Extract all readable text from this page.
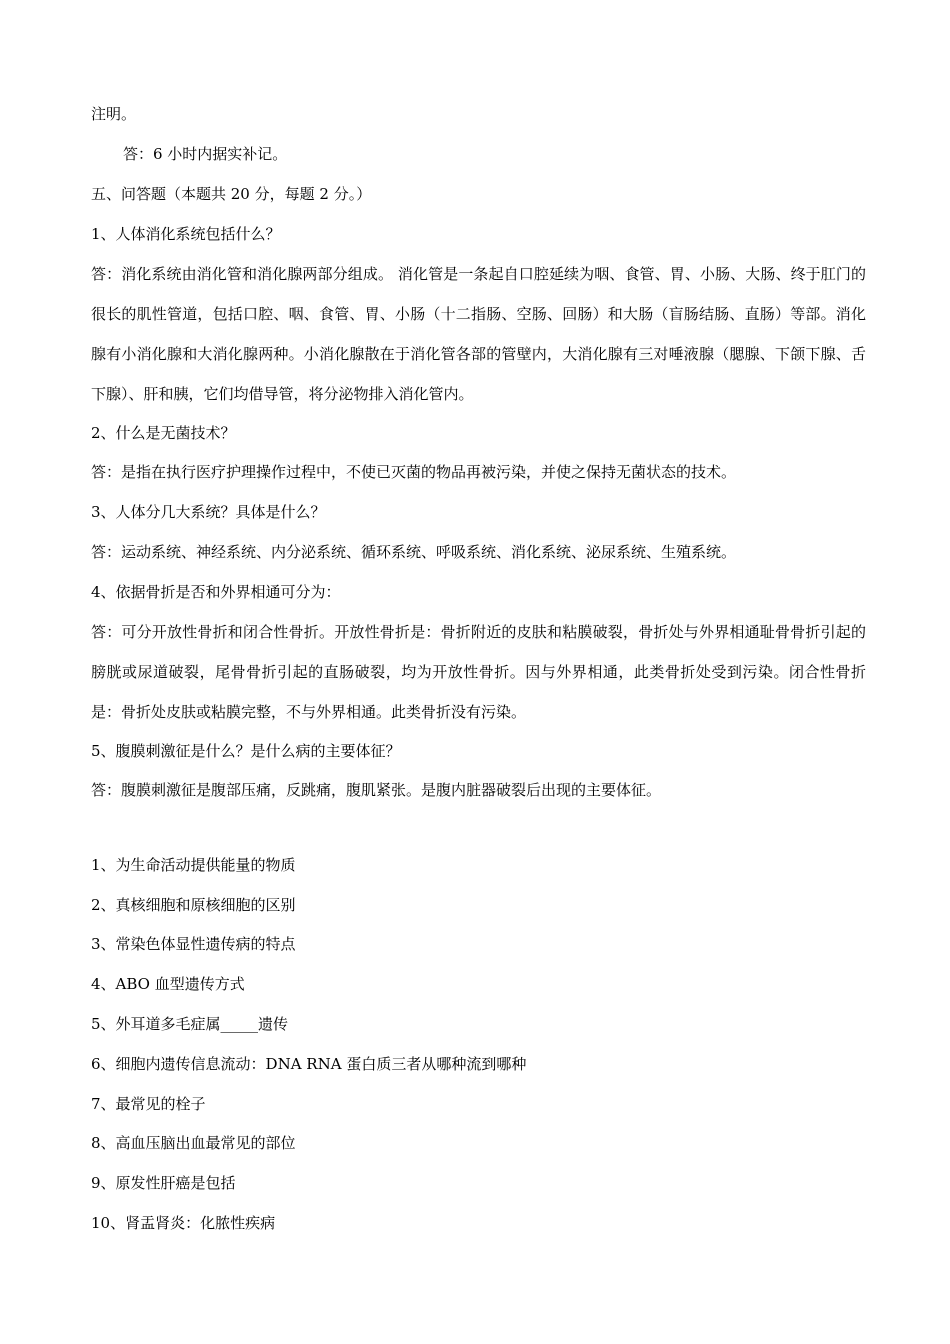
注明。
答：6 小时内据实补记。
五、问答题（本题共 20 分，每题 2 分。）
1、人体消化系统包括什么？
答：消化系统由消化管和消化腺两部分组成。 消化管是一条起自口腔延续为咽、食管、胃、小肠、大肠、终于肛门的很长的肌性管道，包括口腔、咽、食管、胃、小肠（十二指肠、空肠、回肠）和大肠（盲肠结肠、直肠）等部。消化腺有小消化腺和大消化腺两种。小消化腺散在于消化管各部的管壁内，大消化腺有三对唾液腺（腮腺、下颌下腺、舌下腺）、肝和胰，它们均借导管，将分泌物排入消化管内。
2、什么是无菌技术？
答：是指在执行医疗护理操作过程中，不使已灭菌的物品再被污染，并使之保持无菌状态的技术。
3、人体分几大系统？具体是什么？
答：运动系统、神经系统、内分泌系统、循环系统、呼吸系统、消化系统、泌尿系统、生殖系统。
4、依据骨折是否和外界相通可分为：
答：可分开放性骨折和闭合性骨折。开放性骨折是：骨折附近的皮肤和粘膜破裂，骨折处与外界相通耻骨骨折引起的膀胱或尿道破裂，尾骨骨折引起的直肠破裂，均为开放性骨折。因与外界相通，此类骨折处受到污染。闭合性骨折是：骨折处皮肤或粘膜完整，不与外界相通。此类骨折没有污染。
5、腹膜刺激征是什么？是什么病的主要体征？
答：腹膜刺激征是腹部压痛，反跳痛，腹肌紧张。是腹内脏器破裂后出现的主要体征。
1、为生命活动提供能量的物质
2、真核细胞和原核细胞的区别
3、常染色体显性遗传病的特点
4、ABO 血型遗传方式
5、外耳道多毛症属_____遗传
6、细胞内遗传信息流动：DNA RNA 蛋白质三者从哪种流到哪种
7、最常见的栓子
8、高血压脑出血最常见的部位
9、原发性肝癌是包括
10、肾盂肾炎：化脓性疾病
